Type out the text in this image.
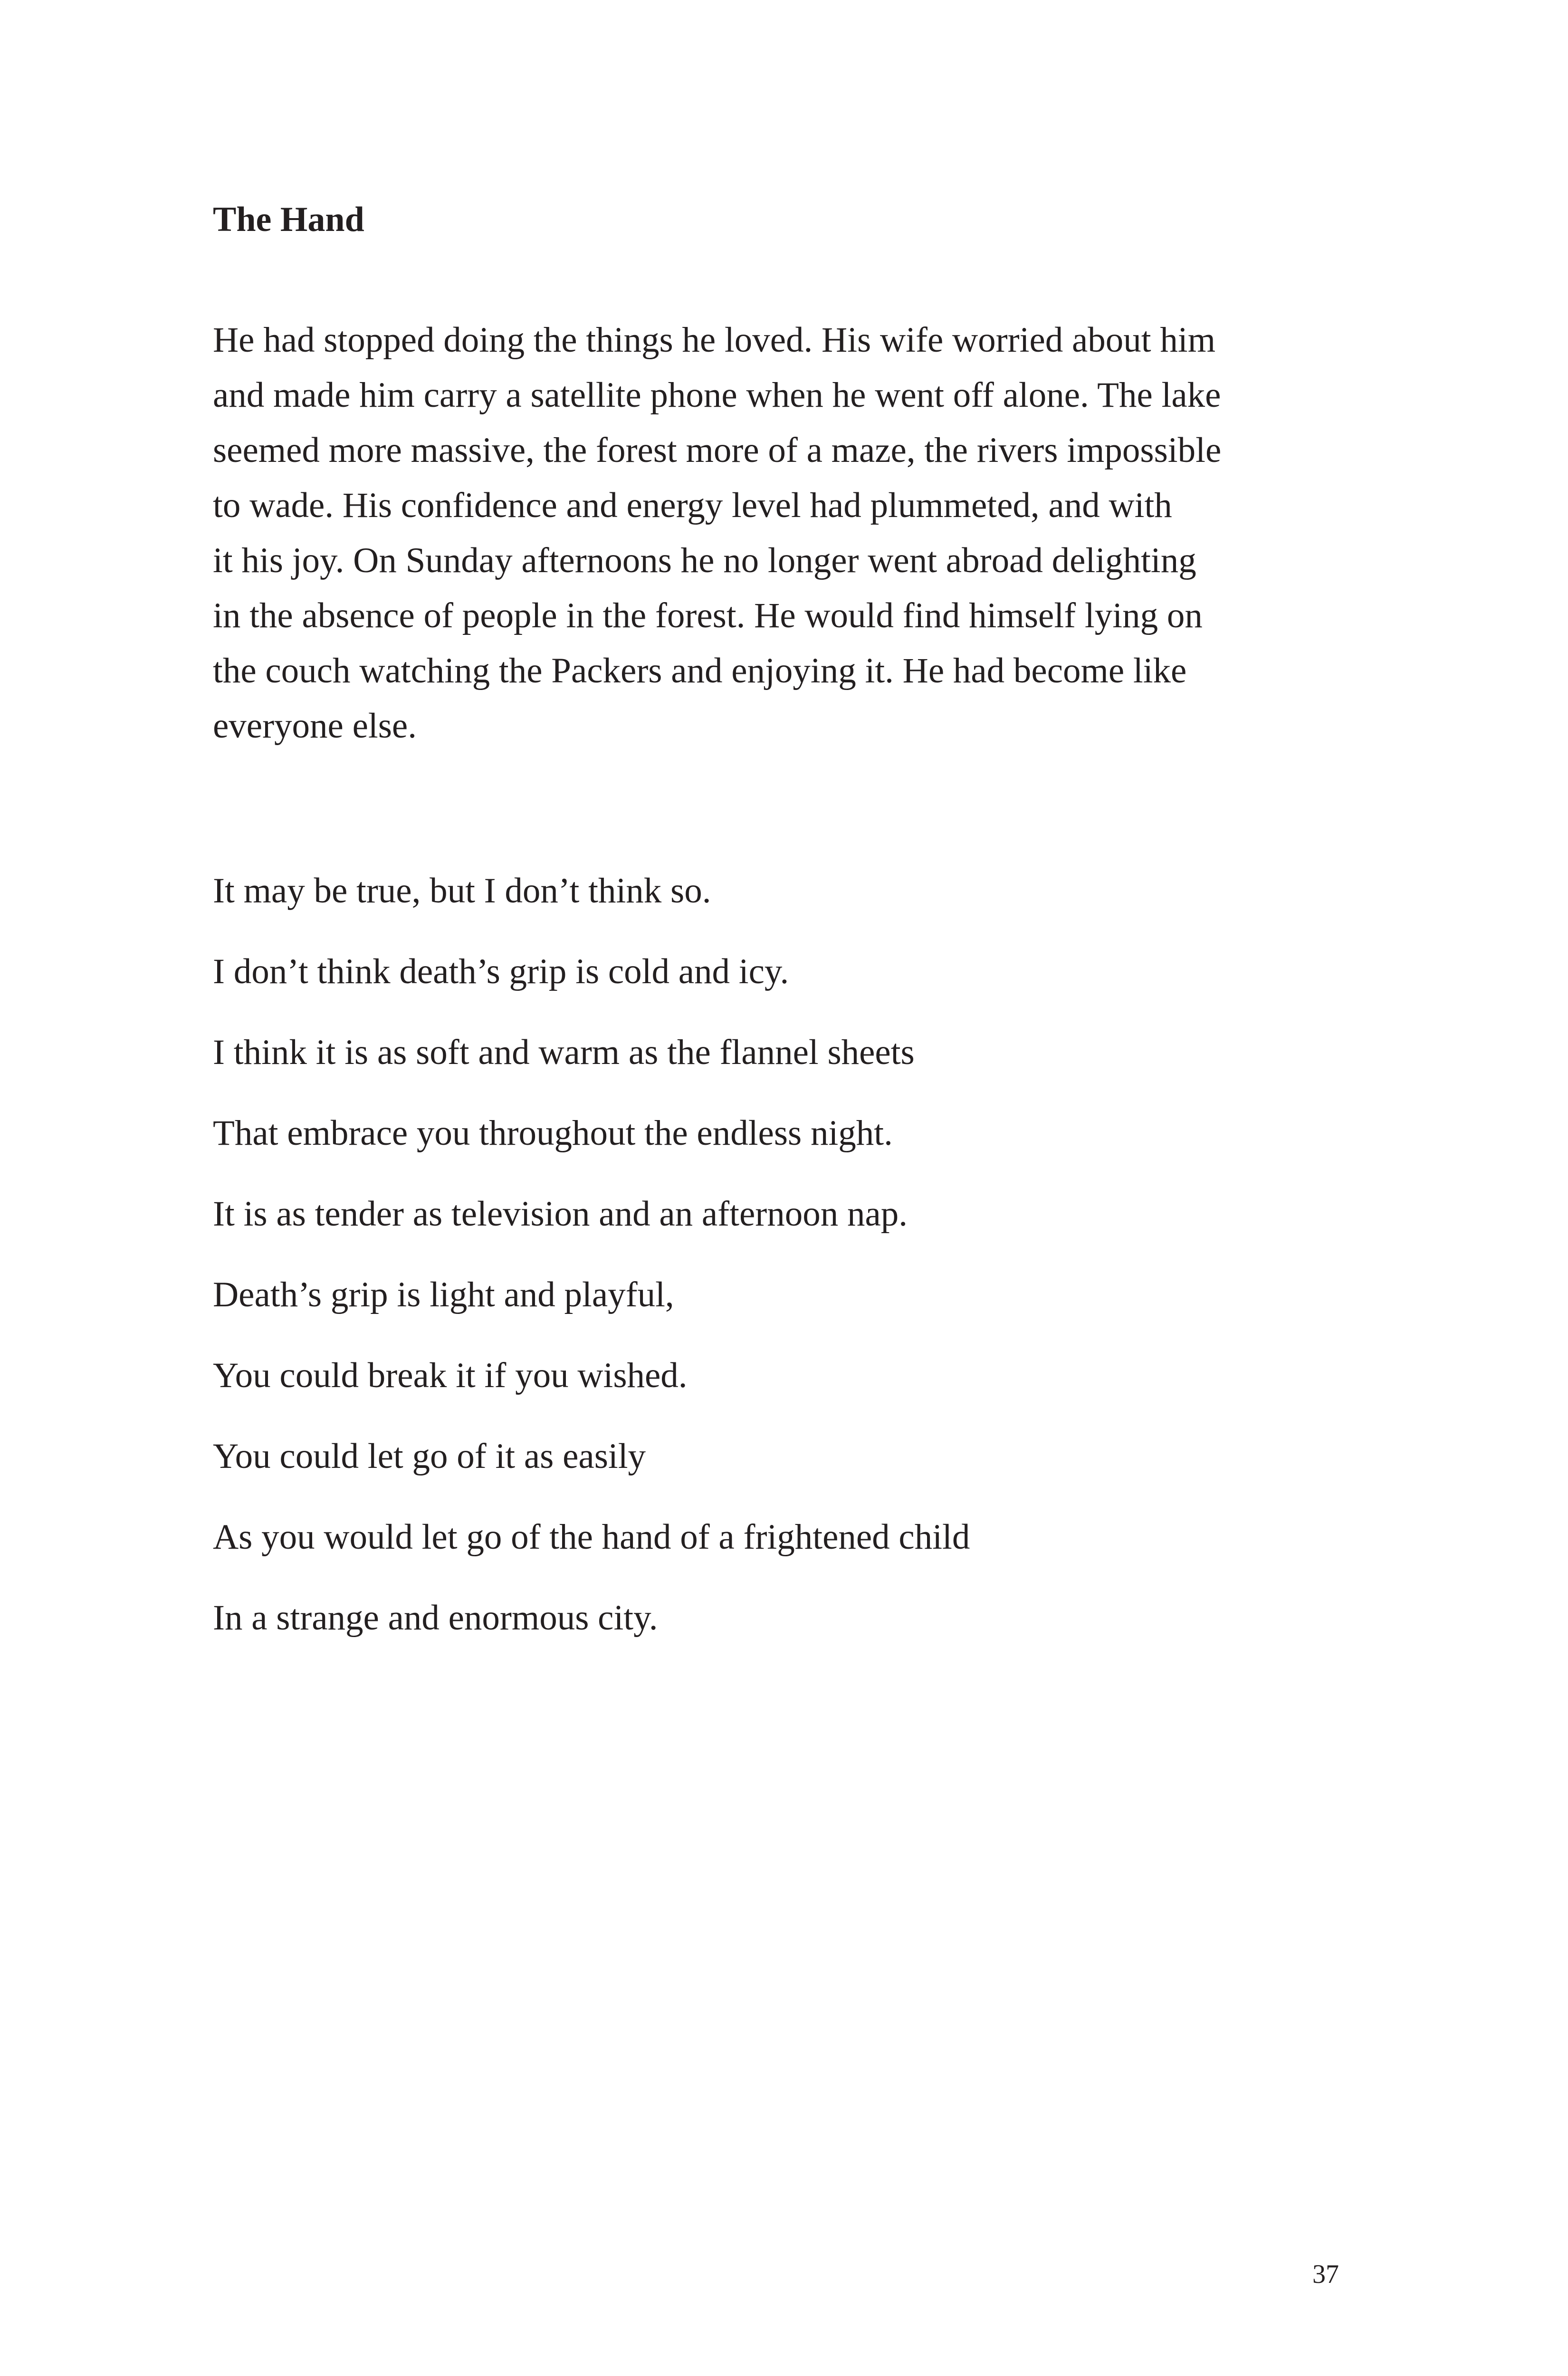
The Hand
He had stopped doing the things he loved. His wife worried about him
and made him carry a satellite phone when he went off alone. The lake
seemed more massive, the forest more of a maze, the rivers impossible
to wade. His confidence and energy level had plummeted, and with
it his joy. On Sunday afternoons he no longer went abroad delighting
in the absence of people in the forest. He would find himself lying on
the couch watching the Packers and enjoying it. He had become like
everyone else.
It may be true, but I don’t think so.
I don’t think death’s grip is cold and icy.
I think it is as soft and warm as the flannel sheets
That embrace you throughout the endless night.
It is as tender as television and an afternoon nap.
Death’s grip is light and playful,
You could break it if you wished.
You could let go of it as easily
As you would let go of the hand of a frightened child
In a strange and enormous city.
37
